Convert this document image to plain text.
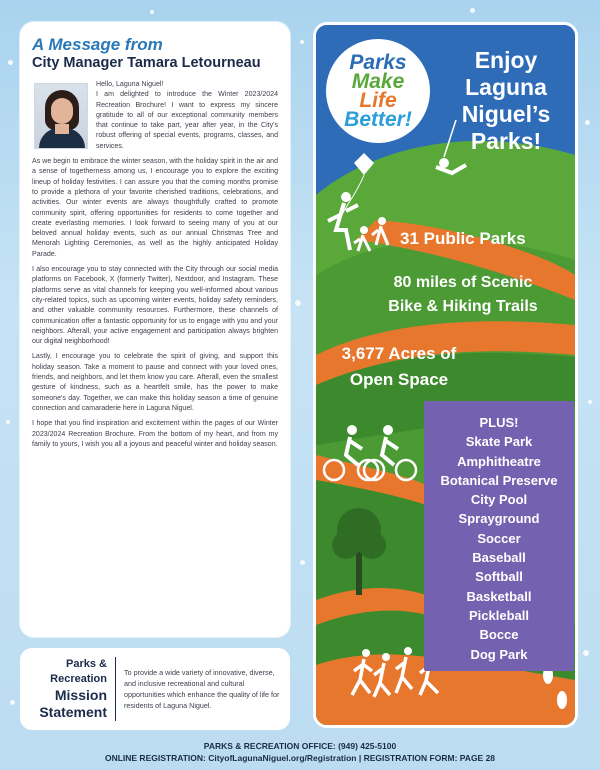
A Message from
City Manager Tamara Letourneau

Hello, Laguna Niguel!

I am delighted to introduce the Winter 2023/2024 Recreation Brochure! I want to express my sincere gratitude to all of our exceptional community members that continue to take part, year after year, in the City's robust offering of special events, programs, classes, and services.

As we begin to embrace the winter season, with the holiday spirit in the air and a sense of togetherness among us, I encourage you to explore the exciting lineup of holiday festivities. I can assure you that the coming months promise to provide a plethora of your favorite cherished traditions, celebrations, and activities. Our winter events are always thoughtfully crafted to promote community spirit, offering opportunities for residents to come together and create everlasting memories. I look forward to seeing many of you at our beloved annual holiday events, such as our annual Christmas Tree and Menorah Lighting Ceremonies, as well as the highly anticipated Holiday Parade.

I also encourage you to stay connected with the City through our social media platforms on Facebook, X (formerly Twitter), Nextdoor, and Instagram. These platforms serve as vital channels for keeping you well-informed about various city-related topics, such as upcoming winter events, holiday safety reminders, and other valuable community resources. Furthermore, these channels of communication offer a fantastic opportunity for us to engage with you and your neighbors. Afterall, your active engagement and participation always brighten our digital neighborhood!

Lastly, I encourage you to celebrate the spirit of giving, and support this holiday season. Take a moment to pause and connect with your loved ones, friends, and neighbors, and let them know you care. Afterall, even the smallest gesture of kindness, such as a heartfelt smile, has the power to make someone's day. Together, we can make this holiday season a time of genuine connection and camaraderie here in Laguna Niguel.

I hope that you find inspiration and excitement within the pages of our Winter 2023/2024 Recreation Brochure. From the bottom of my heart, and from my family to yours, I wish you all a joyous and peaceful winter and holiday season.

Parks &
Recreation
Mission
Statement
To provide a wide variety of innovative, diverse, and inclusive recreational and cultural opportunities which enhance the quality of life for residents of Laguna Niguel.
Parks
Make
Life
Better!
Enjoy
Laguna
Niguel’s
Parks!
31 Public Parks
80 miles of Scenic
Bike & Hiking Trails
3,677 Acres of
Open Space
PLUS!
Skate Park
Amphitheatre
Botanical Preserve
City Pool
Sprayground
Soccer
Baseball
Softball
Basketball
Pickleball
Bocce
Dog Park
PARKS & RECREATION OFFICE: (949) 425-5100
ONLINE REGISTRATION: CityofLagunaNiguel.org/Registration | REGISTRATION FORM: PAGE 28
